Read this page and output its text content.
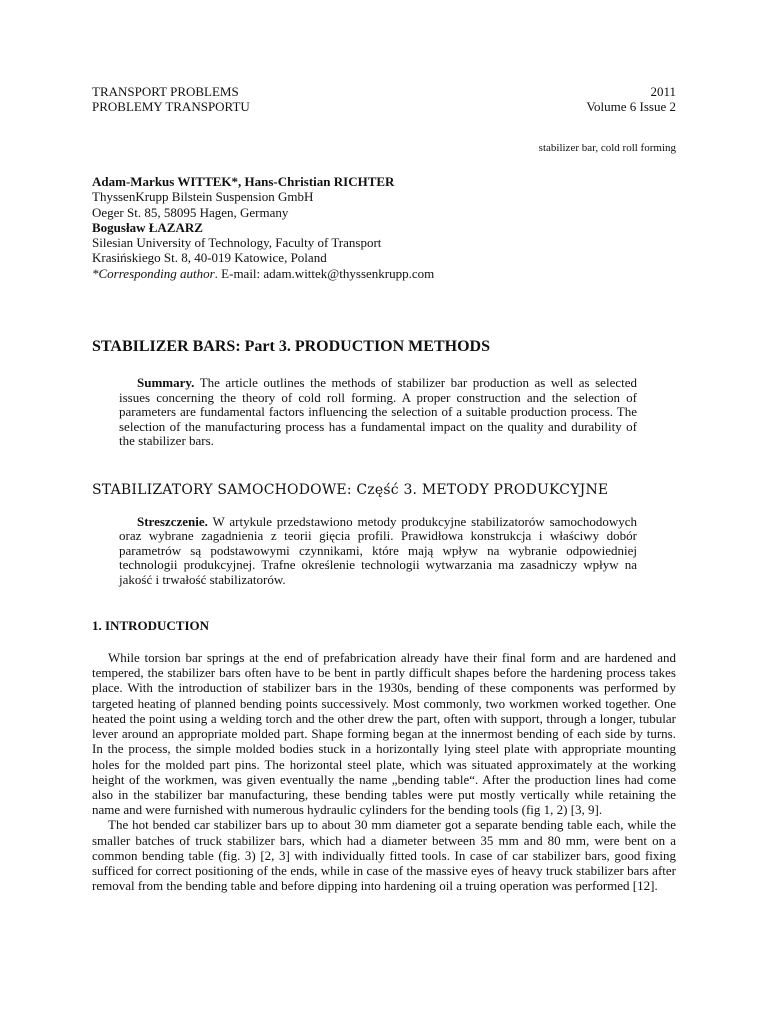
TRANSPORT PROBLEMS	2011
PROBLEMY TRANSPORTU	Volume 6 Issue 2
stabilizer bar, cold roll forming
Adam-Markus WITTEK*, Hans-Christian RICHTER
ThyssenKrupp Bilstein Suspension GmbH
Oeger St. 85, 58095 Hagen, Germany
Bogusław ŁAZARZ
Silesian University of Technology, Faculty of Transport
Krasińskiego St. 8, 40-019 Katowice, Poland
*Corresponding author. E-mail: adam.wittek@thyssenkrupp.com
STABILIZER BARS: Part 3. PRODUCTION METHODS
Summary. The article outlines the methods of stabilizer bar production as well as selected issues concerning the theory of cold roll forming. A proper construction and the selection of parameters are fundamental factors influencing the selection of a suitable production process. The selection of the manufacturing process has a fundamental impact on the quality and durability of the stabilizer bars.
STABILIZATORY SAMOCHODOWE: Część 3. METODY PRODUKCYJNE
Streszczenie. W artykule przedstawiono metody produkcyjne stabilizatorów samochodowych oraz wybrane zagadnienia z teorii gięcia profili. Prawidłowa konstrukcja i właściwy dobór parametrów są podstawowymi czynnikami, które mają wpływ na wybranie odpowiedniej technologii produkcyjnej. Trafne określenie technologii wytwarzania ma zasadniczy wpływ na jakość i trwałość stabilizatorów.
1. INTRODUCTION

While torsion bar springs at the end of prefabrication already have their final form and are hardened and tempered, the stabilizer bars often have to be bent in partly difficult shapes before the hardening process takes place. With the introduction of stabilizer bars in the 1930s, bending of these components was performed by targeted heating of planned bending points successively. Most commonly, two workmen worked together. One heated the point using a welding torch and the other drew the part, often with support, through a longer, tubular lever around an appropriate molded part. Shape forming began at the innermost bending of each side by turns. In the process, the simple molded bodies stuck in a horizontally lying steel plate with appropriate mounting holes for the molded part pins. The horizontal steel plate, which was situated approximately at the working height of the workmen, was given eventually the name „bending table“. After the production lines had come also in the stabilizer bar manufacturing, these bending tables were put mostly vertically while retaining the name and were furnished with numerous hydraulic cylinders for the bending tools (fig 1, 2) [3, 9].

The hot bended car stabilizer bars up to about 30 mm diameter got a separate bending table each, while the smaller batches of truck stabilizer bars, which had a diameter between 35 mm and 80 mm, were bent on a common bending table (fig. 3) [2, 3] with individually fitted tools. In case of car stabilizer bars, good fixing sufficed for correct positioning of the ends, while in case of the massive eyes of heavy truck stabilizer bars after removal from the bending table and before dipping into hardening oil a truing operation was performed [12].
